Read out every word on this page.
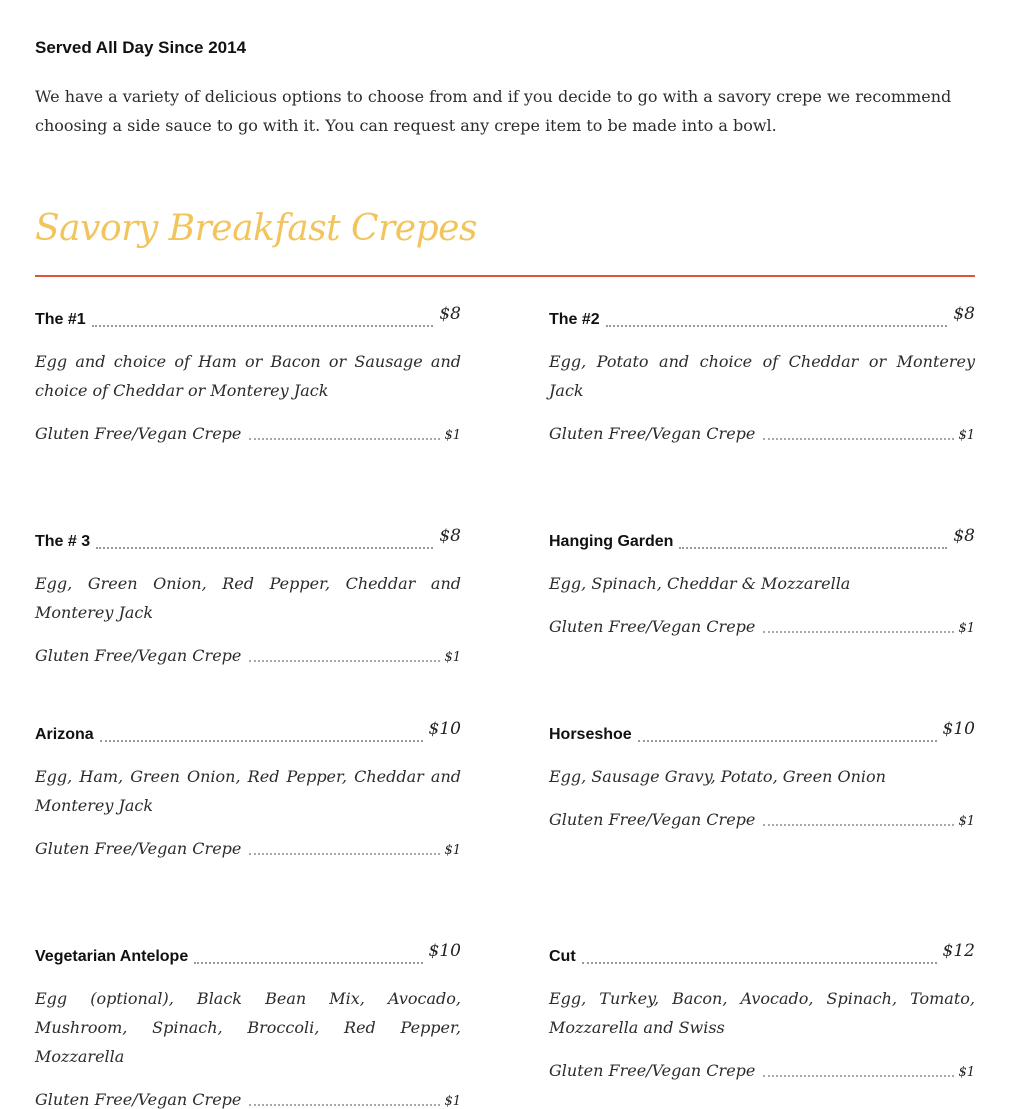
Served All Day Since 2014
We have a variety of delicious options to choose from and if you decide to go with a savory crepe we recommend choosing a side sauce to go with it. You can request any crepe item to be made into a bowl.
Savory Breakfast Crepes
The #1	$8
Egg and choice of Ham or Bacon or Sausage and choice of Cheddar or Monterey Jack
Gluten Free/Vegan Crepe	$1
The #2	$8
Egg, Potato and choice of Cheddar or Monterey Jack
Gluten Free/Vegan Crepe	$1
The # 3	$8
Egg, Green Onion, Red Pepper, Cheddar and Monterey Jack
Gluten Free/Vegan Crepe	$1
Hanging Garden	$8
Egg, Spinach, Cheddar & Mozzarella
Gluten Free/Vegan Crepe	$1
Arizona	$10
Egg, Ham, Green Onion, Red Pepper, Cheddar and Monterey Jack
Gluten Free/Vegan Crepe	$1
Horseshoe	$10
Egg, Sausage Gravy, Potato, Green Onion
Gluten Free/Vegan Crepe	$1
Vegetarian Antelope	$10
Egg (optional), Black Bean Mix, Avocado, Mushroom, Spinach, Broccoli, Red Pepper, Mozzarella
Gluten Free/Vegan Crepe	$1
Cut	$12
Egg, Turkey, Bacon, Avocado, Spinach, Tomato, Mozzarella and Swiss
Gluten Free/Vegan Crepe	$1
